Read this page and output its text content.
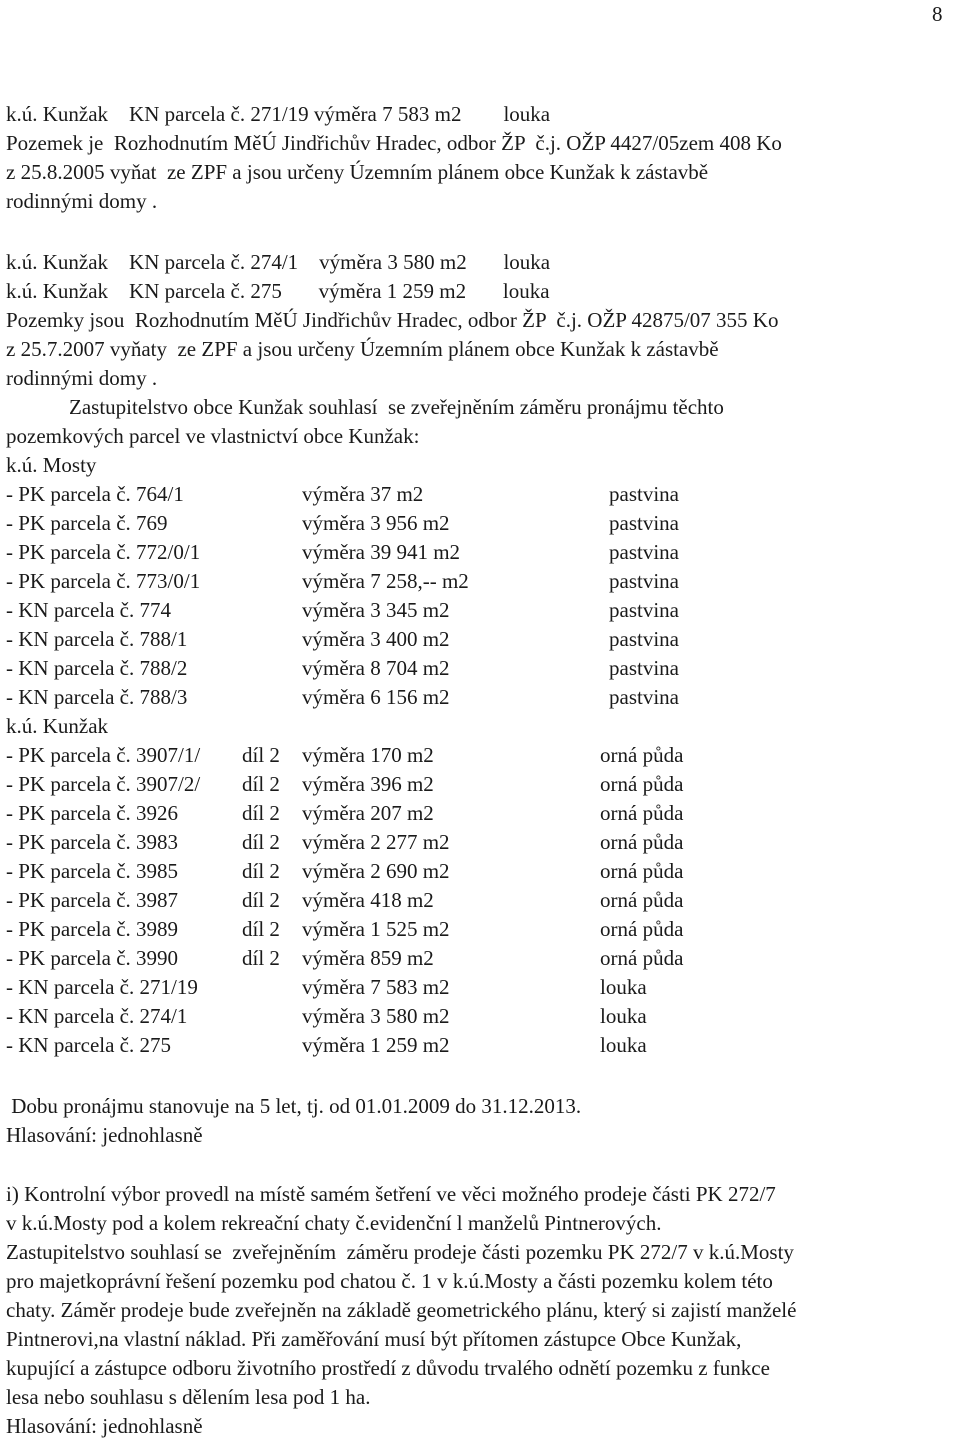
8
k.ú. Kunžak    KN parcela č. 271/19 výměra 7 583 m2        louka
Pozemek je  Rozhodnutím MěÚ Jindřichův Hradec, odbor ŽP  č.j. OŽP 4427/05zem 408 Ko
z 25.8.2005 vyňat  ze ZPF a jsou určeny Územním plánem obce Kunžak k zástavbě
rodinnými domy .
k.ú. Kunžak    KN parcela č. 274/1    výměra 3 580 m2       louka
k.ú. Kunžak    KN parcela č. 275       výměra 1 259 m2       louka
Pozemky jsou  Rozhodnutím MěÚ Jindřichův Hradec, odbor ŽP  č.j. OŽP 42875/07 355 Ko
z 25.7.2007 vyňaty  ze ZPF a jsou určeny Územním plánem obce Kunžak k zástavbě
rodinnými domy .
Zastupitelstvo obce Kunžak souhlasí  se zveřejněním záměru pronájmu těchto
pozemkových parcel ve vlastnictví obce Kunžak:
k.ú. Mosty
- PK parcela č. 764/1	výměra 37 m2	pastvina
- PK parcela č. 769	výměra 3 956 m2	pastvina
- PK parcela č. 772/0/1	výměra 39 941 m2	pastvina
- PK parcela č. 773/0/1	výměra 7 258,-- m2	pastvina
- KN parcela č. 774	výměra 3 345 m2	pastvina
- KN parcela č. 788/1	výměra 3 400 m2	pastvina
- KN parcela č. 788/2	výměra 8 704 m2	pastvina
- KN parcela č. 788/3	výměra 6 156 m2	pastvina
k.ú. Kunžak
- PK parcela č. 3907/1/ díl 2 výměra 170 m2	orná půda
- PK parcela č. 3907/2/ díl 2 výměra 396 m2	orná půda
- PK parcela č. 3926	díl 2 výměra 207 m2	orná půda
- PK parcela č. 3983	díl 2 výměra 2 277 m2	orná půda
- PK parcela č. 3985	díl 2 výměra 2 690 m2	orná půda
- PK parcela č. 3987	díl 2 výměra 418 m2	orná půda
- PK parcela č. 3989	díl 2 výměra 1 525 m2	orná půda
- PK parcela č. 3990	díl 2 výměra 859 m2	orná půda
- KN parcela č. 271/19	výměra 7 583 m2	louka
- KN parcela č. 274/1	výměra 3 580 m2	louka
- KN parcela č. 275	výměra 1 259 m2	louka
Dobu pronájmu stanovuje na 5 let, tj. od 01.01.2009 do 31.12.2013.
Hlasování: jednohlasně
i) Kontrolní výbor provedl na místě samém šetření ve věci možného prodeje části PK 272/7
v k.ú.Mosty pod a kolem rekreační chaty č.evidenční l manželů Pintnerových.
Zastupitelstvo souhlasí se  zveřejněním  záměru prodeje části pozemku PK 272/7 v k.ú.Mosty
pro majetkoprávní řešení pozemku pod chatou č. 1 v k.ú.Mosty a části pozemku kolem této
chaty. Záměr prodeje bude zveřejněn na základě geometrického plánu, který si zajistí manželé
Pintnerovi,na vlastní náklad. Při zaměřování musí být přítomen zástupce Obce Kunžak,
kupující a zástupce odboru životního prostředí z důvodu trvalého odnětí pozemku z funkce
lesa nebo souhlasu s dělením lesa pod 1 ha.
Hlasování: jednohlasně
